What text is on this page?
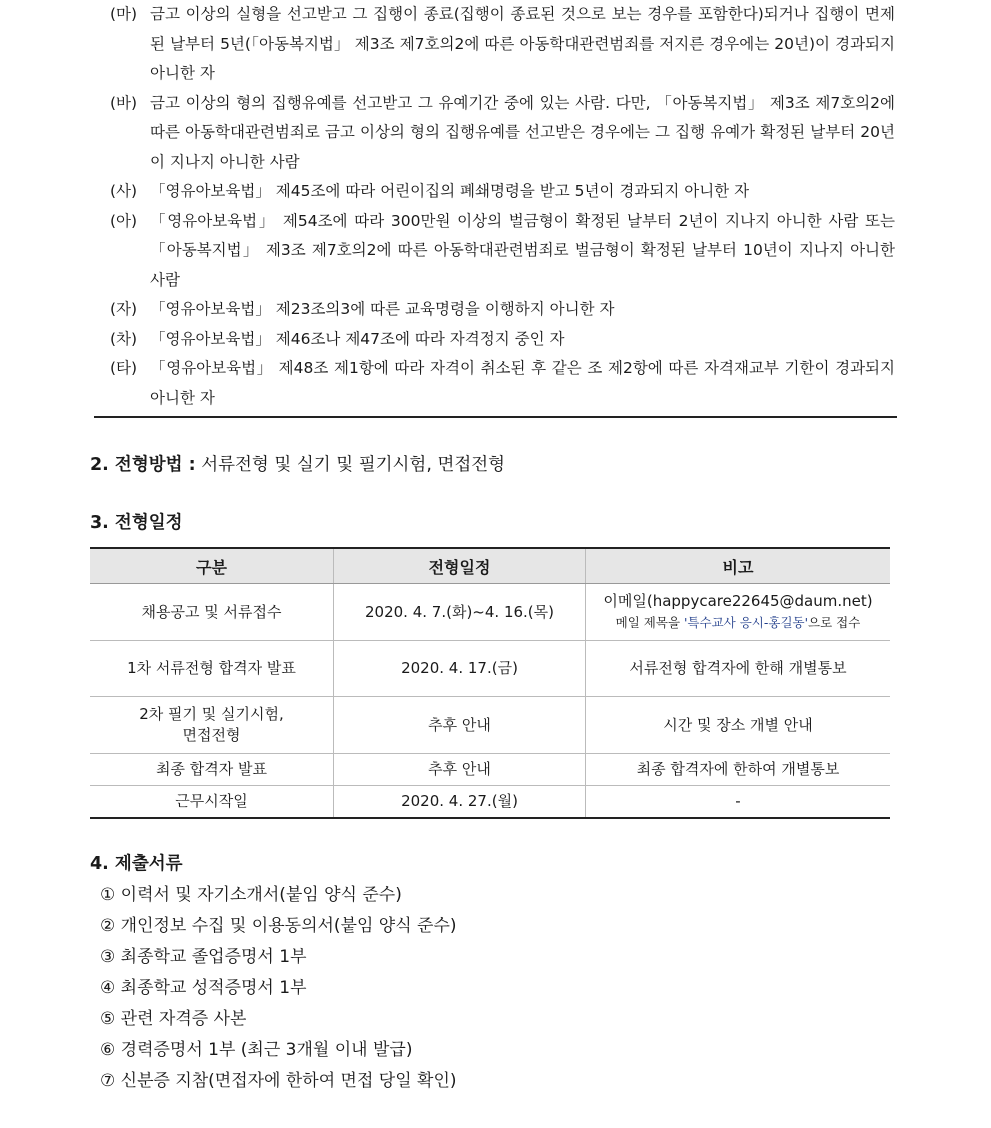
(마) 금고 이상의 실형을 선고받고 그 집행이 종료(집행이 종료된 것으로 보는 경우를 포함한다)되거나 집행이 면제된 날부터 5년(「아동복지법」 제3조 제7호의2에 따른 아동학대관련범죄를 저지른 경우에는 20년)이 경과되지 아니한 자
(바) 금고 이상의 형의 집행유예를 선고받고 그 유예기간 중에 있는 사람. 다만, 「아동복지법」 제3조 제7호의2에 따른 아동학대관련범죄로 금고 이상의 형의 집행유예를 선고받은 경우에는 그 집행 유예가 확정된 날부터 20년이 지나지 아니한 사람
(사) 「영유아보육법」 제45조에 따라 어린이집의 폐쇄명령을 받고 5년이 경과되지 아니한 자
(아) 「영유아보육법」 제54조에 따라 300만원 이상의 벌금형이 확정된 날부터 2년이 지나지 아니한 사람 또는 「아동복지법」 제3조 제7호의2에 따른 아동학대관련범죄로 벌금형이 확정된 날부터 10년이 지나지 아니한 사람
(자) 「영유아보육법」 제23조의3에 따른 교육명령을 이행하지 아니한 자
(차) 「영유아보육법」 제46조나 제47조에 따라 자격정지 중인 자
(타) 「영유아보육법」 제48조 제1항에 따라 자격이 취소된 후 같은 조 제2항에 따른 자격재교부 기한이 경과되지 아니한 자
2. 전형방법 : 서류전형 및 실기 및 필기시험, 면접전형
3. 전형일정
구분	전형일정	비고
채용공고 및 서류접수	2020. 4. 7.(화)~4. 16.(목)	이메일(happycare22645@daum.net)
메일 제목을 '특수교사 응시-홍길동'으로 접수

1차 서류전형 합격자 발표	2020. 4. 17.(금)	서류전형 합격자에 한해 개별통보

2차 필기 및 실기시험,
면접전형	추후 안내	시간 및 장소 개별 안내
최종 합격자 발표	추후 안내	최종 합격자에 한하여 개별통보
근무시작일	2020. 4. 27.(월)	-
4. 제출서류
① 이력서 및 자기소개서(붙임 양식 준수)
② 개인정보 수집 및 이용동의서(붙임 양식 준수)
③ 최종학교 졸업증명서 1부
④ 최종학교 성적증명서 1부
⑤ 관련 자격증 사본
⑥ 경력증명서 1부 (최근 3개월 이내 발급)
⑦ 신분증 지참(면접자에 한하여 면접 당일 확인)
